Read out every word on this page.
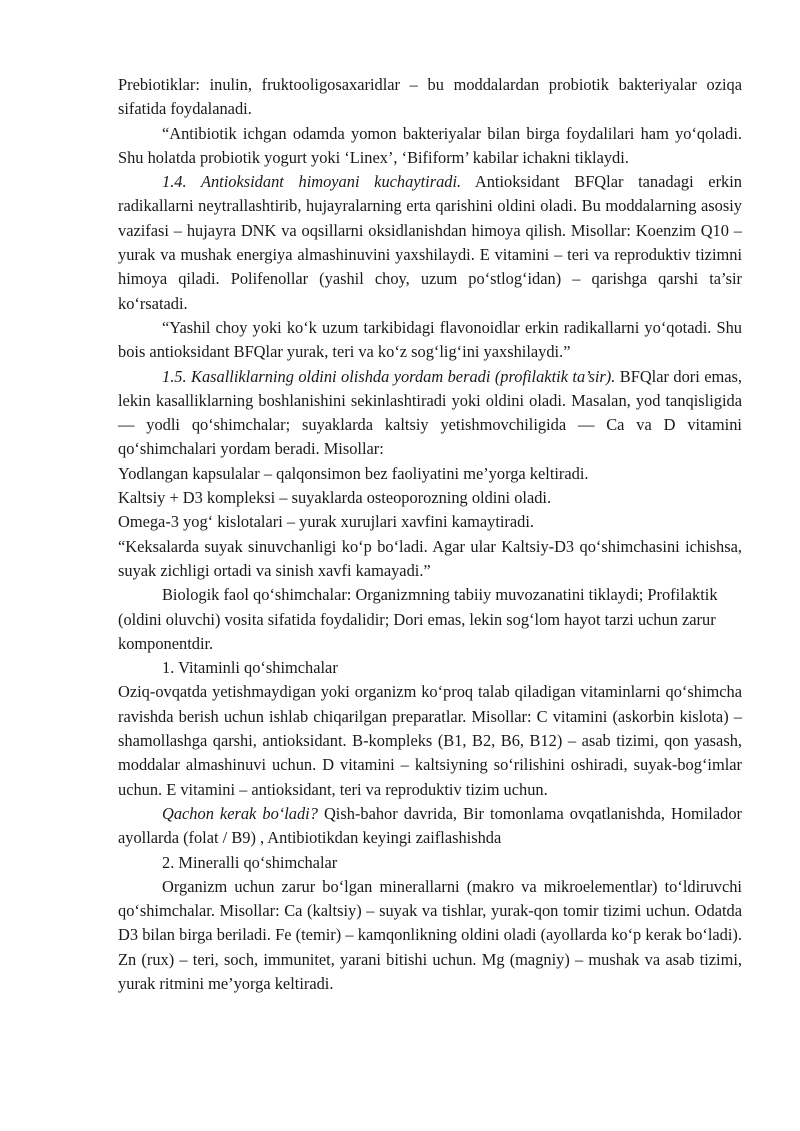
Prebiotiklar: inulin, fruktooligosaxaridlar – bu moddalardan probiotik bakteriyalar oziqa sifatida foydalanadi.

“Antibiotik ichgan odamda yomon bakteriyalar bilan birga foydalilari ham yo‘qoladi. Shu holatda probiotik yogurt yoki ‘Linex’, ‘Bifiform’ kabilar ichakni tiklaydi.

1.4. Antioksidant himoyani kuchaytiradi. Antioksidant BFQlar tanadagi erkin radikallarni neytrallashtirib, hujayralarning erta qarishini oldini oladi. Bu moddalarning asosiy vazifasi – hujayra DNK va oqsillarni oksidlanishdan himoya qilish. Misollar: Koenzim Q10 – yurak va mushak energiya almashinuvini yaxshilaydi. E vitamini – teri va reproduktiv tizimni himoya qiladi. Polifenollar (yashil choy, uzum po‘stlog‘idan) – qarishga qarshi ta’sir ko‘rsatadi.

“Yashil choy yoki ko‘k uzum tarkibidagi flavonoidlar erkin radikallarni yo‘qotadi. Shu bois antioksidant BFQlar yurak, teri va ko‘z sog‘lig‘ini yaxshilaydi.”

1.5. Kasalliklarning oldini olishda yordam beradi (profilaktik ta’sir). BFQlar dori emas, lekin kasalliklarning boshlanishini sekinlashtiradi yoki oldini oladi. Masalan, yod tanqisligida — yodli qo‘shimchalar; suyaklarda kaltsiy yetishmovchiligida — Ca va D vitamini qo‘shimchalari yordam beradi. Misollar:

Yodlangan kapsulalar – qalqonsimon bez faoliyatini me’yorga keltiradi.

Kaltsiy + D3 kompleksi – suyaklarda osteoporozning oldini oladi.

Omega-3 yog‘ kislotalari – yurak xurujlari xavfini kamaytiradi.

“Keksalarda suyak sinuvchanligi ko‘p bo‘ladi. Agar ular Kaltsiy-D3 qo‘shimchasini ichishsa, suyak zichligi ortadi va sinish xavfi kamayadi.”

Biologik faol qo‘shimchalar: Organizmning tabiiy muvozanatini tiklaydi; Profilaktik (oldini oluvchi) vosita sifatida foydalidir; Dori emas, lekin sog‘lom hayot tarzi uchun zarur komponentdir.

1. Vitaminli qo‘shimchalar

Oziq-ovqatda yetishmaydigan yoki organizm ko‘proq talab qiladigan vitaminlarni qo‘shimcha ravishda berish uchun ishlab chiqarilgan preparatlar. Misollar: C vitamini (askorbin kislota) – shamollashga qarshi, antioksidant. B-kompleks (B1, B2, B6, B12) – asab tizimi, qon yasash, moddalar almashinuvi uchun. D vitamini – kaltsiyning so‘rilishini oshiradi, suyak-bog‘imlar uchun. E vitamini – antioksidant, teri va reproduktiv tizim uchun.

Qachon kerak bo‘ladi? Qish-bahor davrida, Bir tomonlama ovqatlanishda, Homilador ayollarda (folat / B9) , Antibiotikdan keyingi zaiflashishda

2. Mineralli qo‘shimchalar

Organizm uchun zarur bo‘lgan minerallarni (makro va mikroelementlar) to‘ldiruvchi qo‘shimchalar. Misollar: Ca (kaltsiy) – suyak va tishlar, yurak-qon tomir tizimi uchun. Odatda D3 bilan birga beriladi. Fe (temir) – kamqonlikning oldini oladi (ayollarda ko‘p kerak bo‘ladi). Zn (rux) – teri, soch, immunitet, yarani bitishi uchun. Mg (magniy) – mushak va asab tizimi, yurak ritmini me’yorga keltiradi.
